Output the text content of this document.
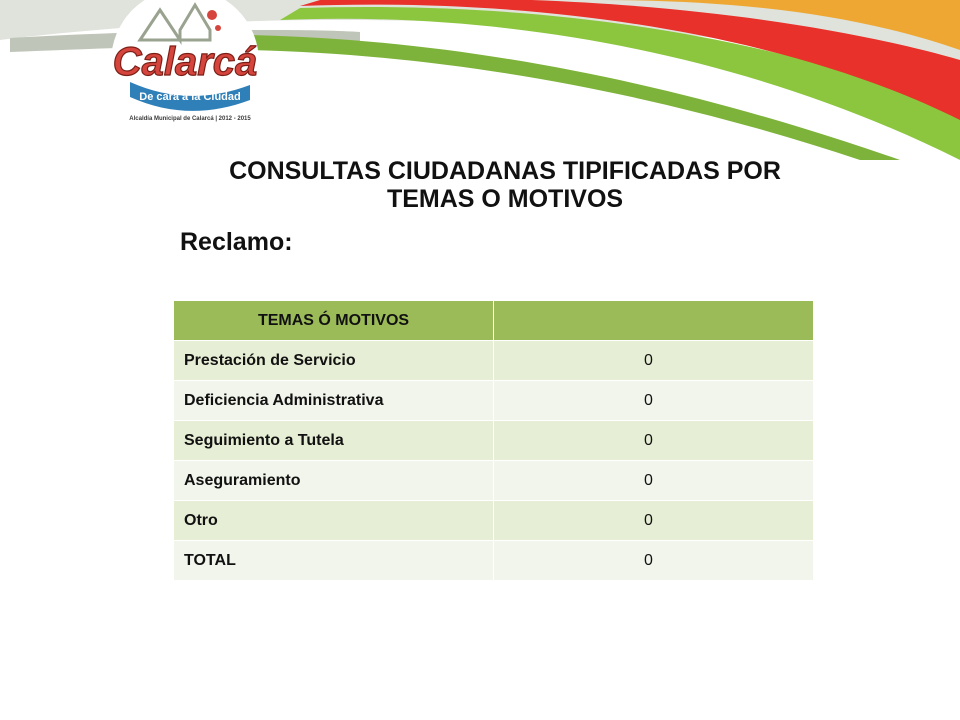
Calarcá
De cara a la Ciudad
Alcaldía Municipal de Calarcá | 2012 - 2015
CONSULTAS CIUDADANAS TIPIFICADAS POR
TEMAS O MOTIVOS
Reclamo:
TEMAS Ó MOTIVOS	
Prestación de Servicio	0
Deficiencia Administrativa	0
Seguimiento a Tutela	0
Aseguramiento	0
Otro	0
TOTAL	0
